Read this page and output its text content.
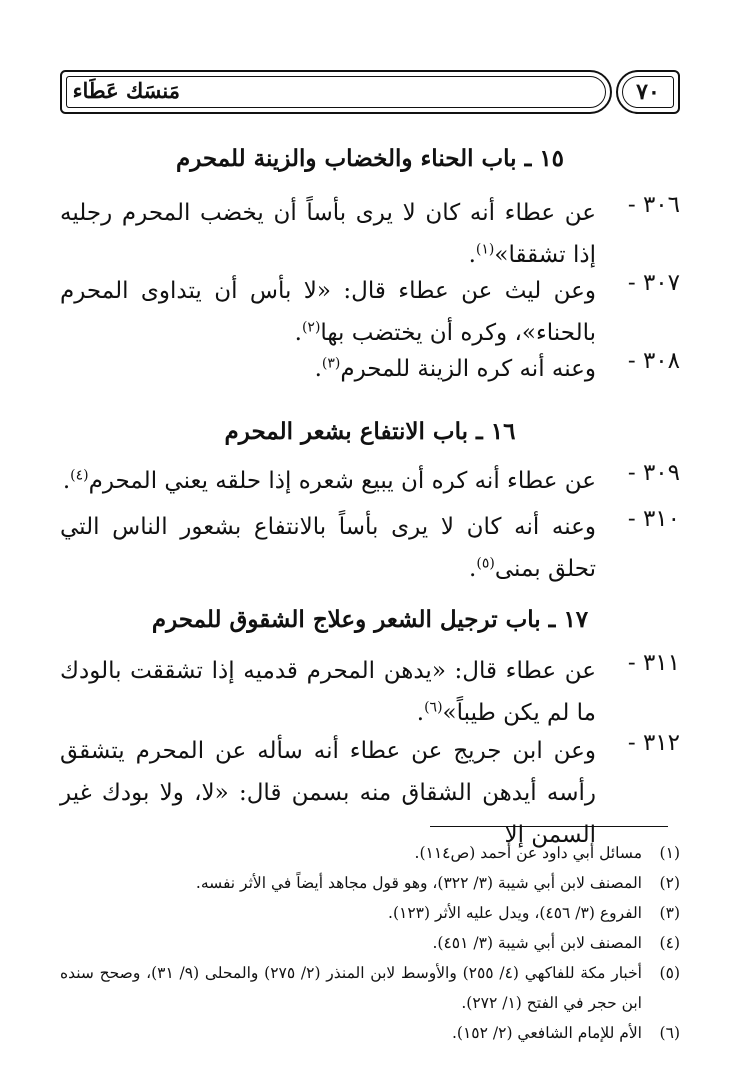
مَنسَك عَطَاء	٧٠
١٥ ـ باب الحناء والخضاب والزينة للمحرم
٣٠٦ -
عن عطاء أنه كان لا يرى بأساً أن يخضب المحرم رجليه إذا تشققا»$^{(١)}$.
٣٠٧ -
وعن ليث عن عطاء قال: «لا بأس أن يتداوى المحرم بالحناء»، وكره أن يختضب بها$^{(٢)}$.
٣٠٨ -
وعنه أنه كره الزينة للمحرم$^{(٣)}$.
١٦ ـ باب الانتفاع بشعر المحرم
٣٠٩ -
عن عطاء أنه كره أن يبيع شعره إذا حلقه يعني المحرم$^{(٤)}$.
٣١٠ -
وعنه أنه كان لا يرى بأساً بالانتفاع بشعور الناس التي تحلق بمنى$^{(٥)}$.
١٧ ـ باب ترجيل الشعر وعلاج الشقوق للمحرم
٣١١ -
عن عطاء قال: «يدهن المحرم قدميه إذا تشققت بالودك ما لم يكن طيباً»$^{(٦)}$.
٣١٢ -
وعن ابن جريج عن عطاء أنه سأله عن المحرم يتشقق رأسه أيدهن الشقاق منه بسمن قال: «لا، ولا بودك غير السمن إلا
(١)
مسائل أبي داود عن أحمد (ص١١٤).
(٢)
المصنف لابن أبي شيبة (٣/ ٣٢٢)، وهو قول مجاهد أيضاً في الأثر نفسه.
(٣)
الفروع (٣/ ٤٥٦)، ويدل عليه الأثر (١٢٣).
(٤)
المصنف لابن أبي شيبة (٣/ ٤٥١).
(٥)
أخبار مكة للفاكهي (٤/ ٢٥٥) والأوسط لابن المنذر (٢/ ٢٧٥) والمحلى (٩/ ٣١)، وصحح سنده ابن حجر في الفتح (١/ ٢٧٢).
(٦)
الأم للإمام الشافعي (٢/ ١٥٢).
